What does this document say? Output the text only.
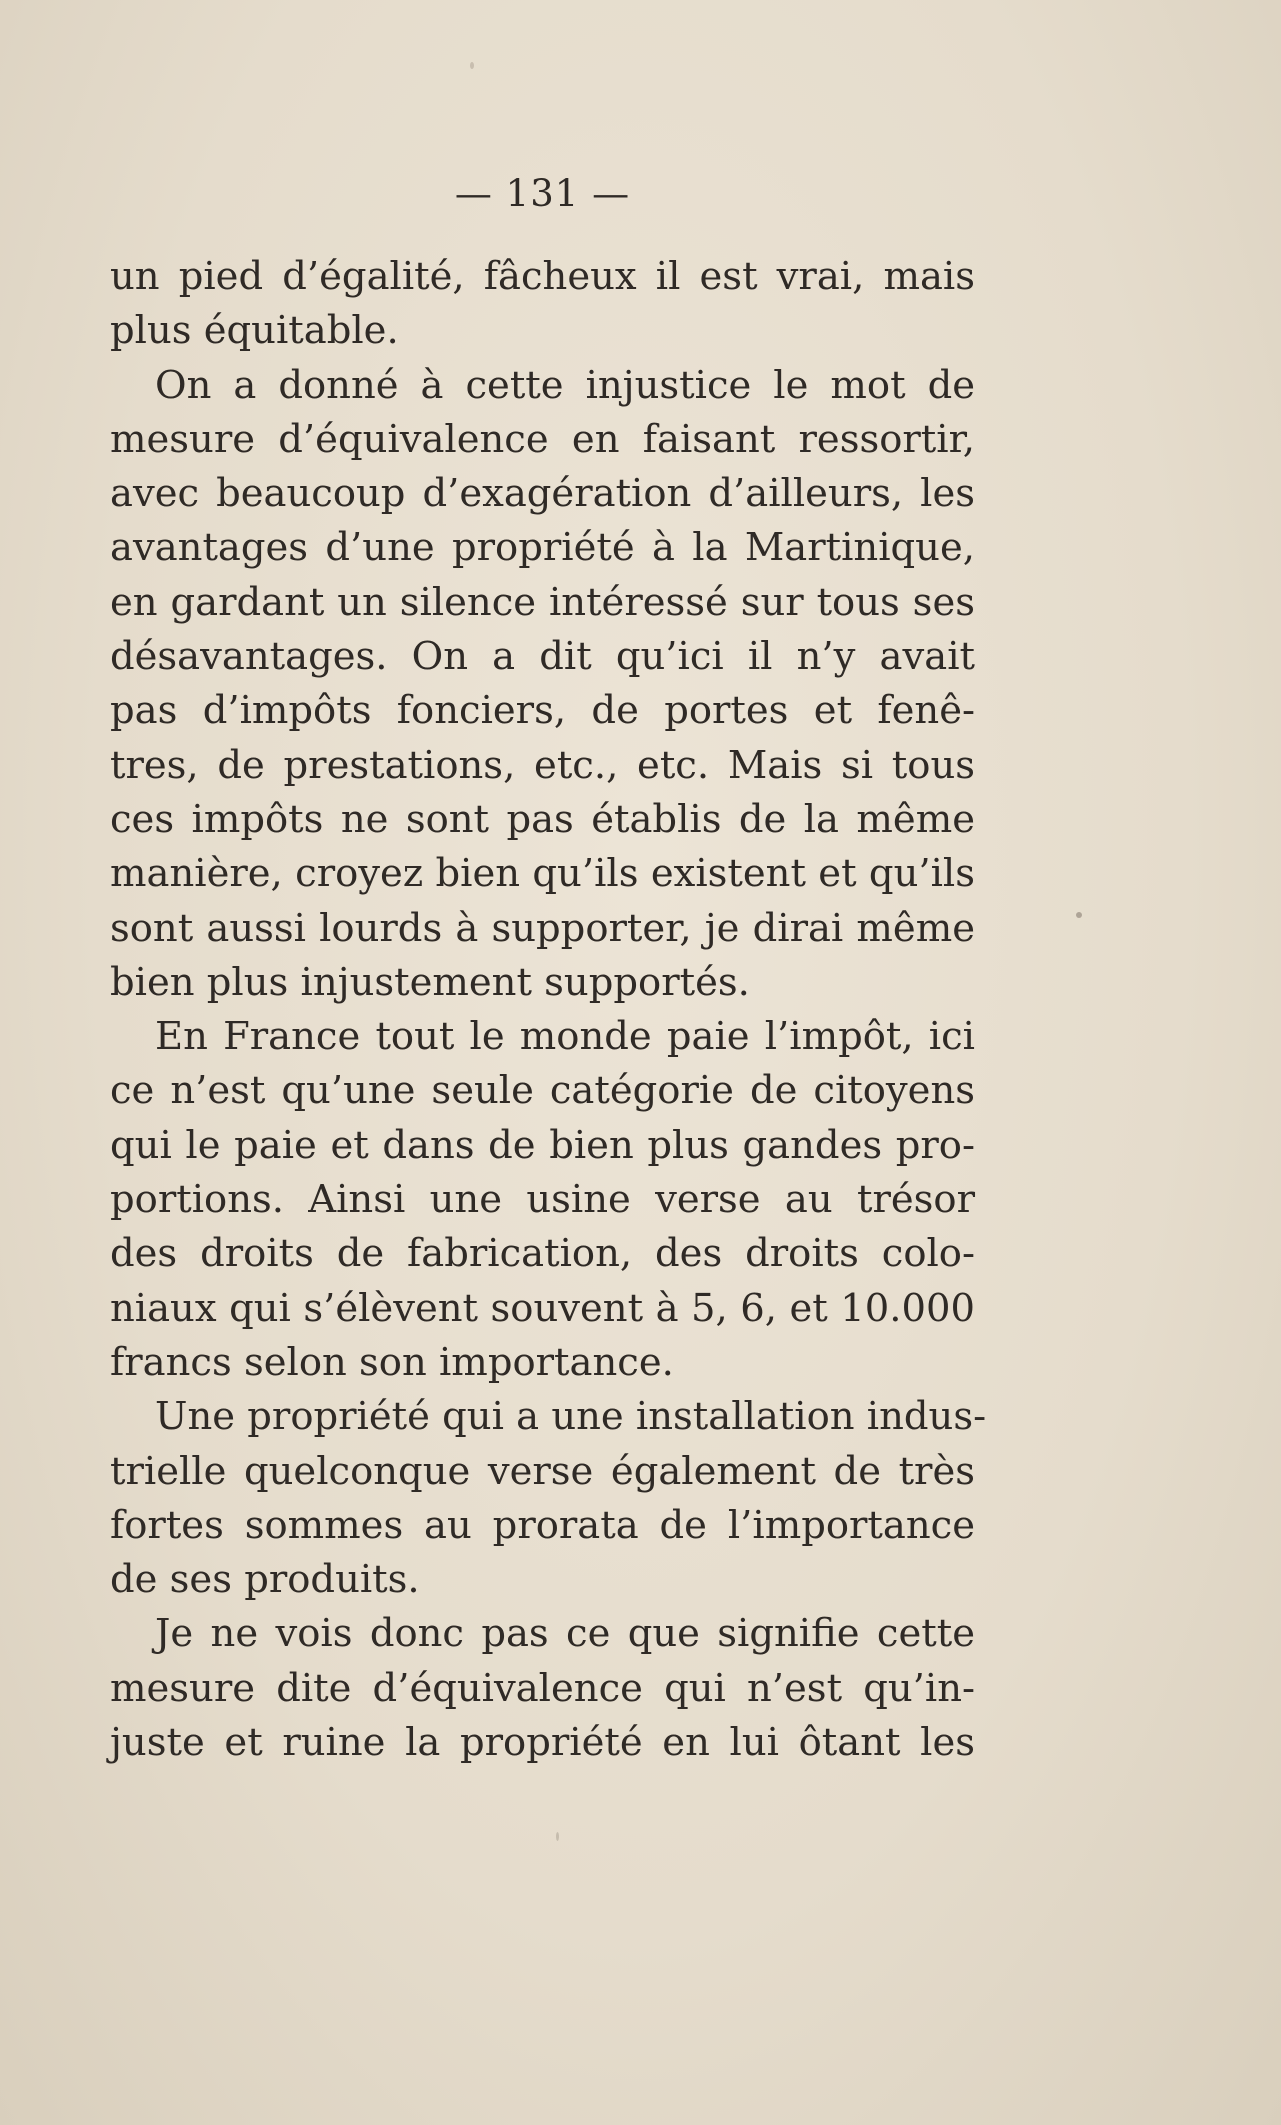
— 131 —
un pied d’égalité, fâcheux il est vrai, mais
plus équitable.
On a donné à cette injustice le mot de
mesure d’équivalence en faisant ressortir,
avec beaucoup d’exagération d’ailleurs, les
avantages d’une propriété à la Martinique,
en gardant un silence intéressé sur tous ses
désavantages. On a dit qu’ici il n’y avait
pas d’impôts fonciers, de portes et fenê-
tres, de prestations, etc., etc. Mais si tous
ces impôts ne sont pas établis de la même
manière, croyez bien qu’ils existent et qu’ils
sont aussi lourds à supporter, je dirai même
bien plus injustement supportés.
En France tout le monde paie l’impôt, ici
ce n’est qu’une seule catégorie de citoyens
qui le paie et dans de bien plus gandes pro-
portions. Ainsi une usine verse au trésor
des droits de fabrication, des droits colo-
niaux qui s’élèvent souvent à 5, 6, et 10.000
francs selon son importance.
Une propriété qui a une installation indus-
trielle quelconque verse également de très
fortes sommes au prorata de l’importance
de ses produits.
Je ne vois donc pas ce que signifie cette
mesure dite d’équivalence qui n’est qu’in-
juste et ruine la propriété en lui ôtant les
